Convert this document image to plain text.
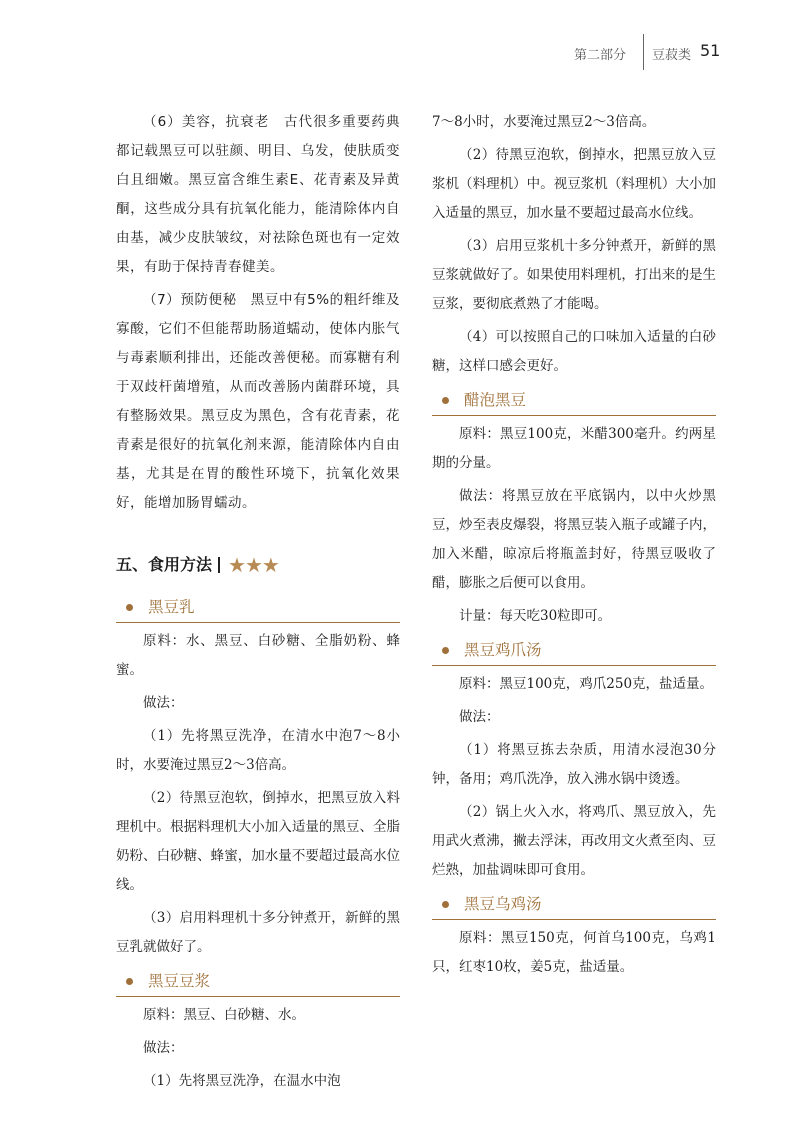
第二部分 豆菽类 51

（6）美容，抗衰老　 古代很多重要药典都记载黑豆可以驻颜、明目、乌发，使肤质变白且细嫩。黑豆富含维生素E、花青素及异黄酮，这些成分具有抗氧化能力，能清除体内自由基，减少皮肤皱纹，对祛除色斑也有一定效果，有助于保持青春健美。

（7）预防便秘　 黑豆中有5%的粗纤维及寡酸，它们不但能帮助肠道蠕动，使体内胀气与毒素顺利排出，还能改善便秘。而寡糖有利于双歧杆菌增殖，从而改善肠内菌群环境，具有整肠效果。黑豆皮为黑色，含有花青素，花青素是很好的抗氧化剂来源，能清除体内自由基，尤其是在胃的酸性环境下，抗氧化效果好，能增加肠胃蠕动。

五、食用方法 ★★★
黑豆乳

原料：水、黑豆、白砂糖、全脂奶粉、蜂蜜。

做法：

（1）先将黑豆洗净，在清水中泡7～8小时，水要淹过黑豆2～3倍高。

（2）待黑豆泡软，倒掉水，把黑豆放入料理机中。根据料理机大小加入适量的黑豆、全脂奶粉、白砂糖、蜂蜜，加水量不要超过最高水位线。

（3）启用料理机十多分钟煮开，新鲜的黑豆乳就做好了。

黑豆豆浆

原料：黑豆、白砂糖、水。

做法：

（1）先将黑豆洗净，在温水中泡

7～8小时，水要淹过黑豆2～3倍高。

（2）待黑豆泡软，倒掉水，把黑豆放入豆浆机（料理机）中。视豆浆机（料理机）大小加入适量的黑豆，加水量不要超过最高水位线。

（3）启用豆浆机十多分钟煮开，新鲜的黑豆浆就做好了。如果使用料理机，打出来的是生豆浆，要彻底煮熟了才能喝。

（4）可以按照自己的口味加入适量的白砂糖，这样口感会更好。

醋泡黑豆

原料：黑豆100克，米醋300毫升。约两星期的分量。

做法：将黑豆放在平底锅内，以中火炒黑豆，炒至表皮爆裂，将黑豆装入瓶子或罐子内，加入米醋，晾凉后将瓶盖封好，待黑豆吸收了醋，膨胀之后便可以食用。

计量：每天吃30粒即可。

黑豆鸡爪汤

原料：黑豆100克，鸡爪250克，盐适量。

做法：

（1）将黑豆拣去杂质，用清水浸泡30分钟，备用；鸡爪洗净，放入沸水锅中烫透。

（2）锅上火入水，将鸡爪、黑豆放入，先用武火煮沸，撇去浮沫，再改用文火煮至肉、豆烂熟，加盐调味即可食用。

黑豆乌鸡汤

原料：黑豆150克，何首乌100克，乌鸡1只，红枣10枚，姜5克，盐适量。
